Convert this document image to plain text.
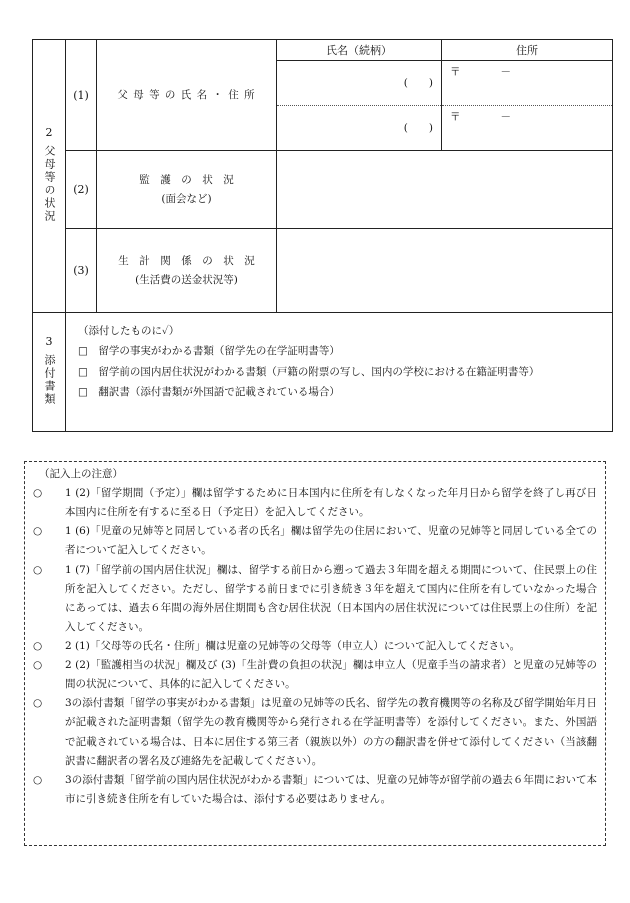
2
父母等の状況	(1)	父 母 等 の 氏 名 ・ 住 所	氏名（続柄）	住所

			(　　)	〒 －

			(　　)	〒 －

	(2)	監　護　の　状　況
(面会など)		

	(3)	生　計　関　係　の　状　況
(生活費の送金状況等)		

3
添付書類	（添付したものに✓）
□　留学の事実がわかる書類（留学先の在学証明書等）
□　留学前の国内居住状況がわかる書類（戸籍の附票の写し、国内の学校における在籍証明書等）
□　翻訳書（添付書類が外国語で記載されている場合）			
（記入上の注意）
○	1 (2)「留学期間（予定）」欄は留学するために日本国内に住所を有しなくなった年月日から留学を終了し再び日本国内に住所を有するに至る日（予定日）を記入してください。
○	1 (6)「児童の兄姉等と同居している者の氏名」欄は留学先の住居において、児童の兄姉等と同居している全ての者について記入してください。
○	1 (7)「留学前の国内居住状況」欄は、留学する前日から遡って過去３年間を超える期間について、住民票上の住所を記入してください。ただし、留学する前日までに引き続き３年を超えて国内に住所を有していなかった場合にあっては、過去６年間の海外居住期間も含む居住状況（日本国内の居住状況については住民票上の住所）を記入してください。
○	2 (1)「父母等の氏名・住所」欄は児童の兄姉等の父母等（申立人）について記入してください。
○	2 (2)「監護相当の状況」欄及び (3)「生計費の負担の状況」欄は申立人（児童手当の請求者）と児童の兄姉等の間の状況について、具体的に記入してください。
○	3の添付書類「留学の事実がわかる書類」は児童の兄姉等の氏名、留学先の教育機関等の名称及び留学開始年月日が記載された証明書類（留学先の教育機関等から発行される在学証明書等）を添付してください。また、外国語で記載されている場合は、日本に居住する第三者（親族以外）の方の翻訳書を併せて添付してください（当該翻訳書に翻訳者の署名及び連絡先を記載してください）。
○	3の添付書類「留学前の国内居住状況がわかる書類」については、児童の兄姉等が留学前の過去６年間において本市に引き続き住所を有していた場合は、添付する必要はありません。
